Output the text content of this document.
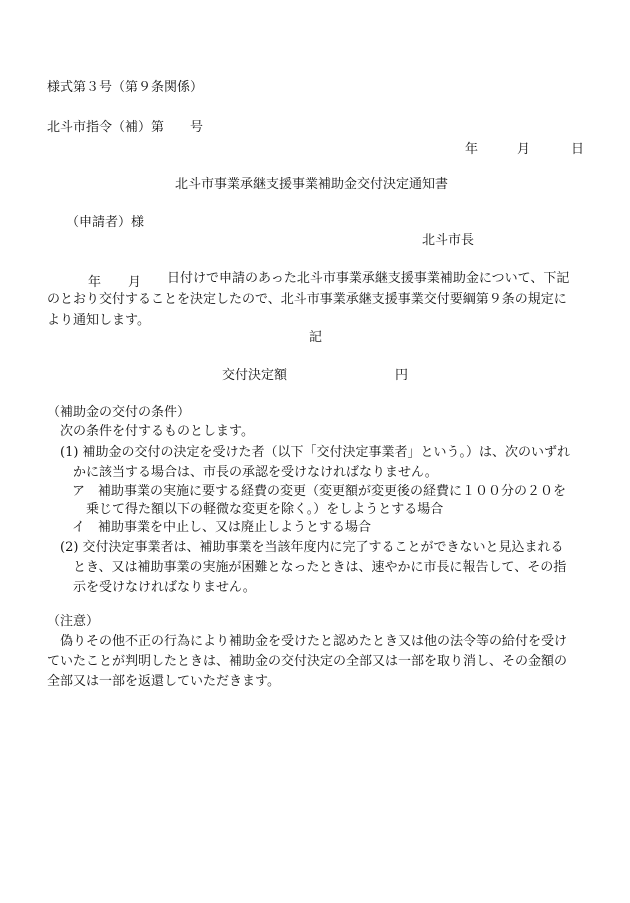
様式第３号（第９条関係）
北斗市指令（補）第　　号
年	月	日
北斗市事業承継支援事業補助金交付決定通知書
（申請者）様
北斗市長
年 月 日付けで申請のあった北斗市事業承継支援事業補助金について、下記
のとおり交付することを決定したので、北斗市事業承継支援事業交付要綱第９条の規定に
より通知します。
記
交付決定額	円
（補助金の交付の条件）
次の条件を付するものとします。
(1) 補助金の交付の決定を受けた者（以下「交付決定事業者」という。）は、次のいずれ
かに該当する場合は、市長の承認を受けなければなりません。
ア　補助事業の実施に要する経費の変更（変更額が変更後の経費に１００分の２０を
乗じて得た額以下の軽微な変更を除く。）をしようとする場合
イ　補助事業を中止し、又は廃止しようとする場合
(2) 交付決定事業者は、補助事業を当該年度内に完了することができないと見込まれる
とき、又は補助事業の実施が困難となったときは、速やかに市長に報告して、その指
示を受けなければなりません。
（注意）
偽りその他不正の行為により補助金を受けたと認めたとき又は他の法令等の給付を受け
ていたことが判明したときは、補助金の交付決定の全部又は一部を取り消し、その金額の
全部又は一部を返還していただきます。
